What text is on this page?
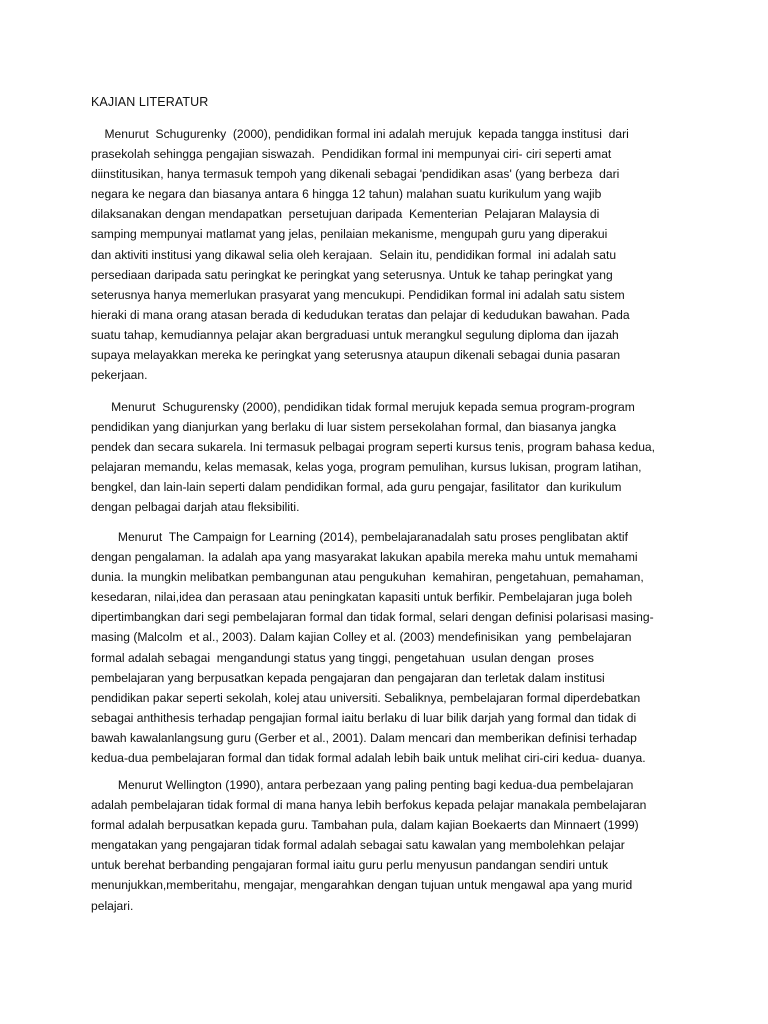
KAJIAN LITERATUR

Menurut  Schugurenky  (2000), pendidikan formal ini adalah merujuk  kepada tangga institusi  dari
prasekolah sehingga pengajian siswazah.  Pendidikan formal ini mempunyai ciri- ciri seperti amat
diinstitusikan, hanya termasuk tempoh yang dikenali sebagai 'pendidikan asas' (yang berbeza  dari
negara ke negara dan biasanya antara 6 hingga 12 tahun) malahan suatu kurikulum yang wajib
dilaksanakan dengan mendapatkan  persetujuan daripada  Kementerian  Pelajaran Malaysia di
samping mempunyai matlamat yang jelas, penilaian mekanisme, mengupah guru yang diperakui
dan aktiviti institusi yang dikawal selia oleh kerajaan.  Selain itu, pendidikan formal  ini adalah satu
persediaan daripada satu peringkat ke peringkat yang seterusnya. Untuk ke tahap peringkat yang
seterusnya hanya memerlukan prasyarat yang mencukupi. Pendidikan formal ini adalah satu sistem
hieraki di mana orang atasan berada di kedudukan teratas dan pelajar di kedudukan bawahan. Pada
suatu tahap, kemudiannya pelajar akan bergraduasi untuk merangkul segulung diploma dan ijazah
supaya melayakkan mereka ke peringkat yang seterusnya ataupun dikenali sebagai dunia pasaran
pekerjaan.

Menurut  Schugurensky (2000), pendidikan tidak formal merujuk kepada semua program-program
pendidikan yang dianjurkan yang berlaku di luar sistem persekolahan formal, dan biasanya jangka
pendek dan secara sukarela. Ini termasuk pelbagai program seperti kursus tenis, program bahasa kedua,
pelajaran memandu, kelas memasak, kelas yoga, program pemulihan, kursus lukisan, program latihan,
bengkel, dan lain-lain seperti dalam pendidikan formal, ada guru pengajar, fasilitator  dan kurikulum
dengan pelbagai darjah atau fleksibiliti.

Menurut  The Campaign for Learning (2014), pembelajaranadalah satu proses penglibatan aktif
dengan pengalaman. Ia adalah apa yang masyarakat lakukan apabila mereka mahu untuk memahami
dunia. Ia mungkin melibatkan pembangunan atau pengukuhan  kemahiran, pengetahuan, pemahaman,
kesedaran, nilai,idea dan perasaan atau peningkatan kapasiti untuk berfikir. Pembelajaran juga boleh
dipertimbangkan dari segi pembelajaran formal dan tidak formal, selari dengan definisi polarisasi masing-
masing (Malcolm  et al., 2003). Dalam kajian Colley et al. (2003) mendefinisikan  yang  pembelajaran
formal adalah sebagai  mengandungi status yang tinggi, pengetahuan  usulan dengan  proses
pembelajaran yang berpusatkan kepada pengajaran dan pengajaran dan terletak dalam institusi
pendidikan pakar seperti sekolah, kolej atau universiti. Sebaliknya, pembelajaran formal diperdebatkan
sebagai anthithesis terhadap pengajian formal iaitu berlaku di luar bilik darjah yang formal dan tidak di
bawah kawalanlangsung guru (Gerber et al., 2001). Dalam mencari dan memberikan definisi terhadap
kedua-dua pembelajaran formal dan tidak formal adalah lebih baik untuk melihat ciri-ciri kedua- duanya.

Menurut Wellington (1990), antara perbezaan yang paling penting bagi kedua-dua pembelajaran
adalah pembelajaran tidak formal di mana hanya lebih berfokus kepada pelajar manakala pembelajaran
formal adalah berpusatkan kepada guru. Tambahan pula, dalam kajian Boekaerts dan Minnaert (1999)
mengatakan yang pengajaran tidak formal adalah sebagai satu kawalan yang membolehkan pelajar
untuk berehat berbanding pengajaran formal iaitu guru perlu menyusun pandangan sendiri untuk
menunjukkan,memberitahu, mengajar, mengarahkan dengan tujuan untuk mengawal apa yang murid
pelajari.
